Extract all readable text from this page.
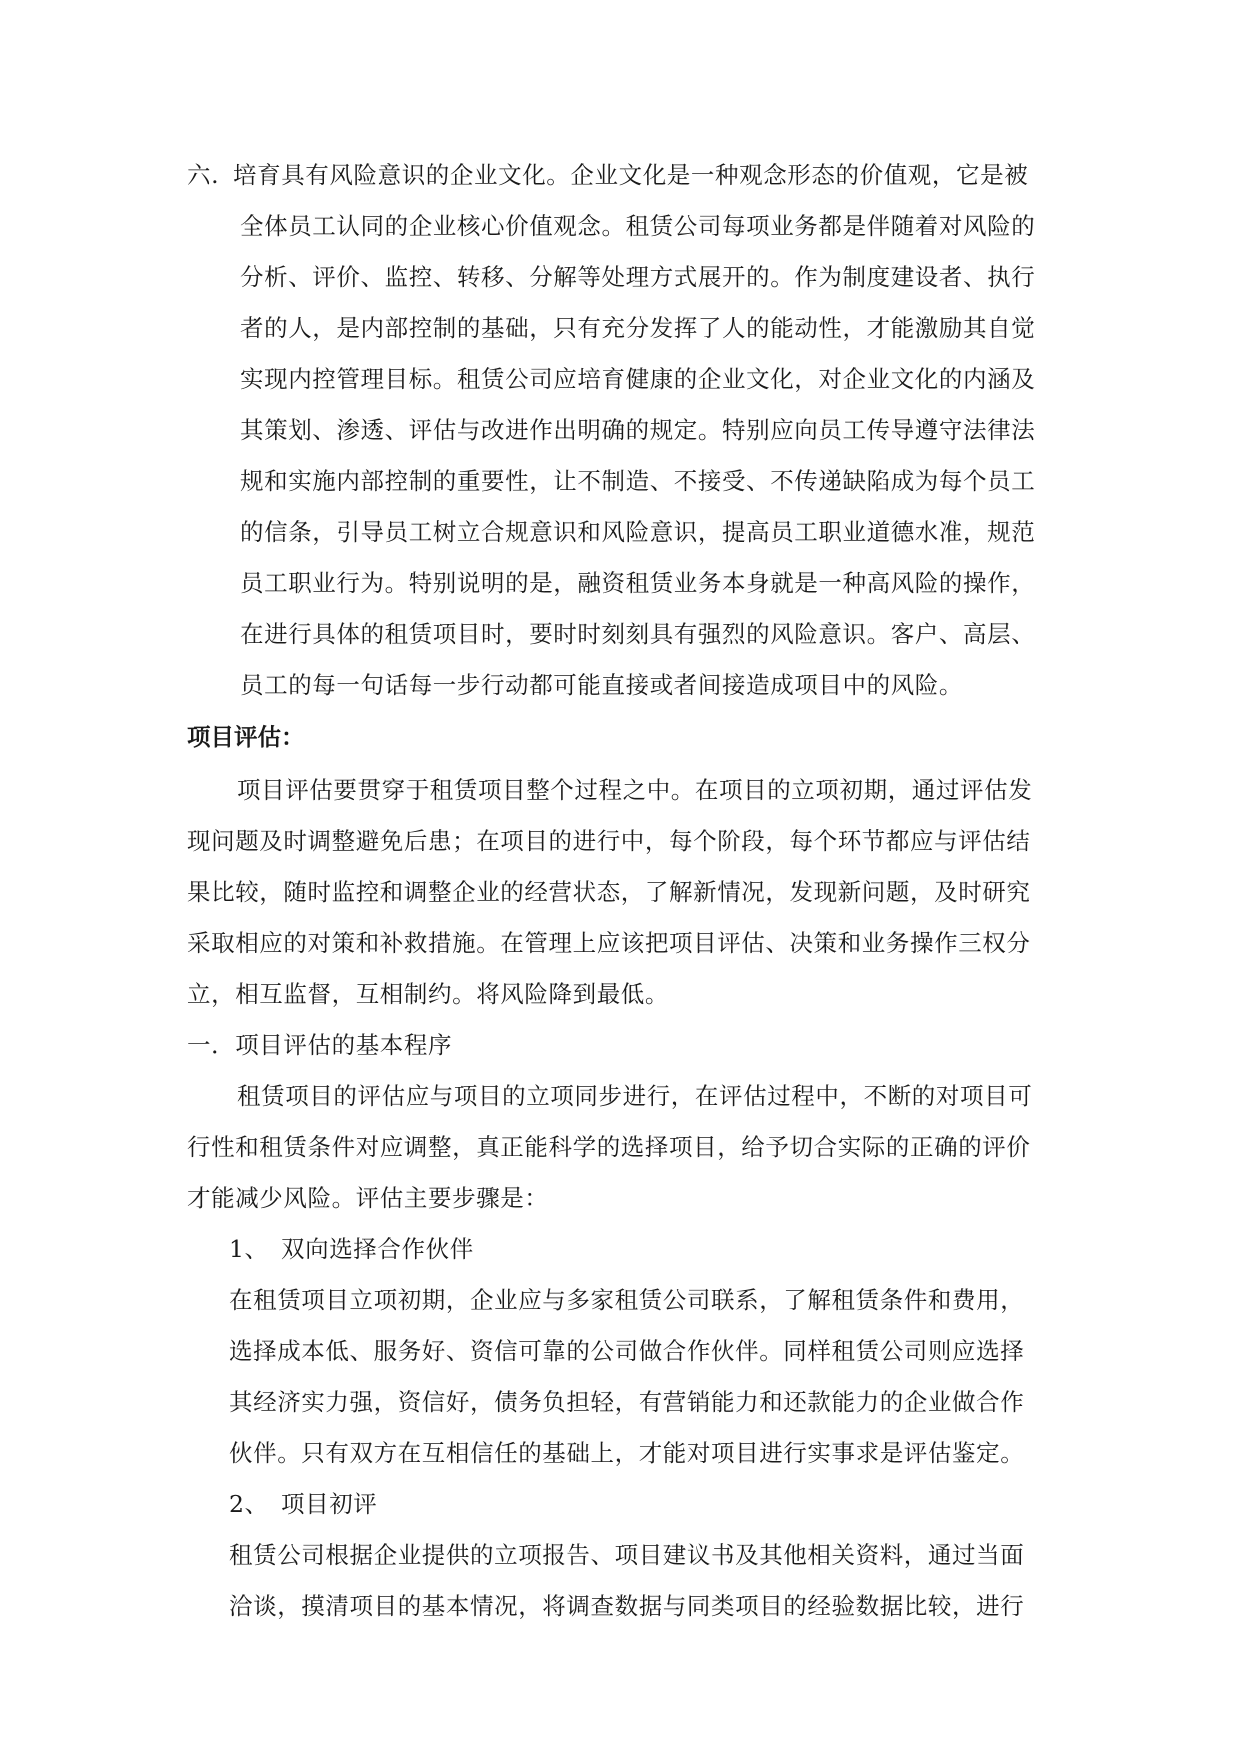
六. 培育具有风险意识的企业文化。企业文化是一种观念形态的价值观，它是被
全体员工认同的企业核心价值观念。租赁公司每项业务都是伴随着对风险的
分析、评价、监控、转移、分解等处理方式展开的。作为制度建设者、执行
者的人，是内部控制的基础，只有充分发挥了人的能动性，才能激励其自觉
实现内控管理目标。租赁公司应培育健康的企业文化，对企业文化的内涵及
其策划、渗透、评估与改进作出明确的规定。特别应向员工传导遵守法律法
规和实施内部控制的重要性，让不制造、不接受、不传递缺陷成为每个员工
的信条，引导员工树立合规意识和风险意识，提高员工职业道德水准，规范
员工职业行为。特别说明的是，融资租赁业务本身就是一种高风险的操作，
在进行具体的租赁项目时，要时时刻刻具有强烈的风险意识。客户、高层、
员工的每一句话每一步行动都可能直接或者间接造成项目中的风险。
项目评估：
项目评估要贯穿于租赁项目整个过程之中。在项目的立项初期，通过评估发
现问题及时调整避免后患；在项目的进行中，每个阶段，每个环节都应与评估结
果比较，随时监控和调整企业的经营状态，了解新情况，发现新问题，及时研究
采取相应的对策和补救措施。在管理上应该把项目评估、决策和业务操作三权分
立，相互监督，互相制约。将风险降到最低。
一．项目评估的基本程序
租赁项目的评估应与项目的立项同步进行，在评估过程中，不断的对项目可
行性和租赁条件对应调整，真正能科学的选择项目，给予切合实际的正确的评价
才能减少风险。评估主要步骤是：
1、 双向选择合作伙伴
在租赁项目立项初期，企业应与多家租赁公司联系，了解租赁条件和费用，
选择成本低、服务好、资信可靠的公司做合作伙伴。同样租赁公司则应选择
其经济实力强，资信好，债务负担轻，有营销能力和还款能力的企业做合作
伙伴。只有双方在互相信任的基础上，才能对项目进行实事求是评估鉴定。
2、 项目初评
租赁公司根据企业提供的立项报告、项目建议书及其他相关资料，通过当面
洽谈，摸清项目的基本情况，将调查数据与同类项目的经验数据比较，进行
